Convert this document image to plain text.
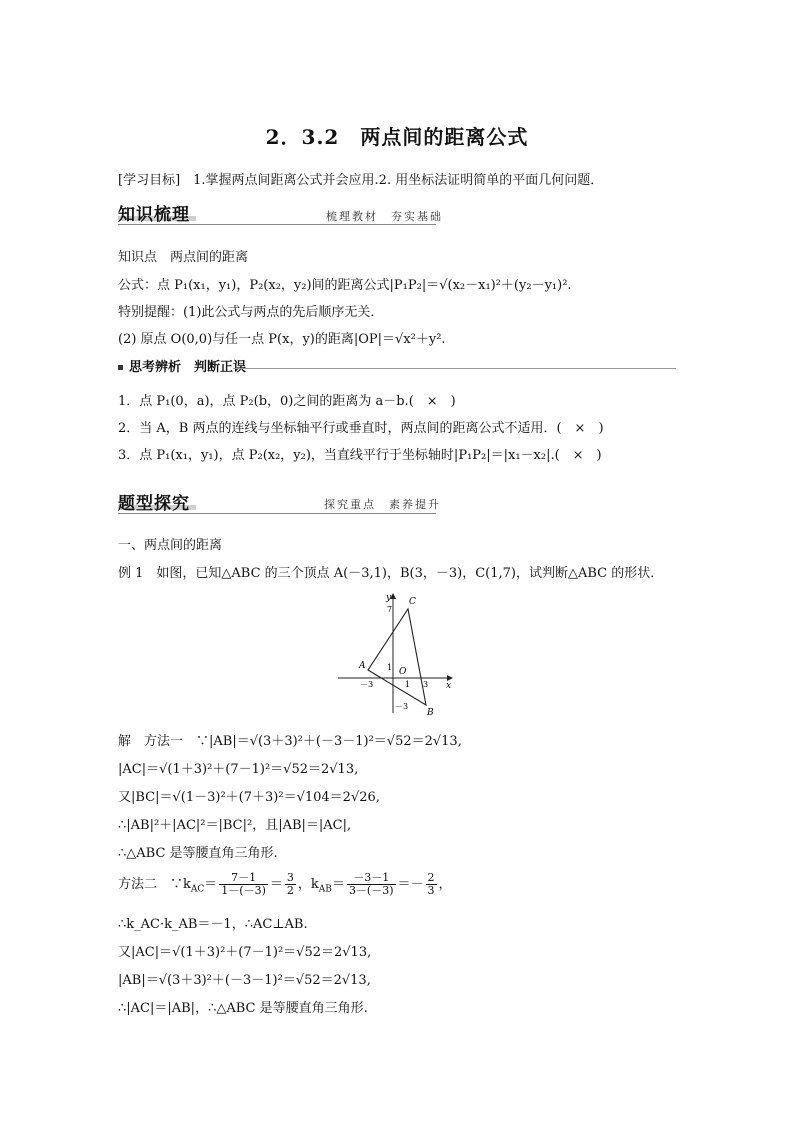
2．3.2　两点间的距离公式
[学习目标]　1.掌握两点间距离公式并会应用.2. 用坐标法证明简单的平面几何问题．
知识梳理	梳理教材　夯实基础
知识点　两点间的距离
公式：点 P₁(x₁，y₁)，P₂(x₂，y₂)间的距离公式|P₁P₂|＝√(x₂－x₁)²＋(y₂－y₁)².
特别提醒：(1)此公式与两点的先后顺序无关．
(2) 原点 O(0,0)与任一点 P(x，y)的距离|OP|＝√x²＋y².
思考辨析　判断正误
1．点 P₁(0，a)，点 P₂(b，0)之间的距离为 a－b.(　×　)
2．当 A，B 两点的连线与坐标轴平行或垂直时，两点间的距离公式不适用．(　×　)
3．点 P₁(x₁，y₁)，点 P₂(x₂，y₂)，当直线平行于坐标轴时|P₁P₂|＝|x₁－x₂|.(　×　)
题型探究	探究重点　素养提升
一、两点间的距离
例 1　如图，已知△ABC 的三个顶点 A(－3,1)，B(3，－3)，C(1,7)，试判断△ABC 的形状．
y
x
A
B
C
O
7
1
－3
1 3
－3
解　方法一　∵|AB|＝√(3＋3)²＋(－3－1)²＝√52＝2√13,
|AC|＝√(1＋3)²＋(7－1)²＝√52＝2√13,
又|BC|＝√(1－3)²＋(7＋3)²＝√104＝2√26,
∴|AB|²＋|AC|²＝|BC|²，且|AB|＝|AC|,
∴△ABC 是等腰直角三角形.
方法二　$\because k_{AC}= \frac{7-1}{1-(-3)} = \frac{3}{2}$ ，$k_{AB}= \frac{-3-1}{3-(-3)} =- \frac{2}{3}$ ，
∴k_AC·k_AB＝－1，∴AC⊥AB.
又|AC|＝√(1＋3)²＋(7－1)²＝√52＝2√13,
|AB|＝√(3＋3)²＋(－3－1)²＝√52＝2√13,
∴|AC|＝|AB|，∴△ABC 是等腰直角三角形.
